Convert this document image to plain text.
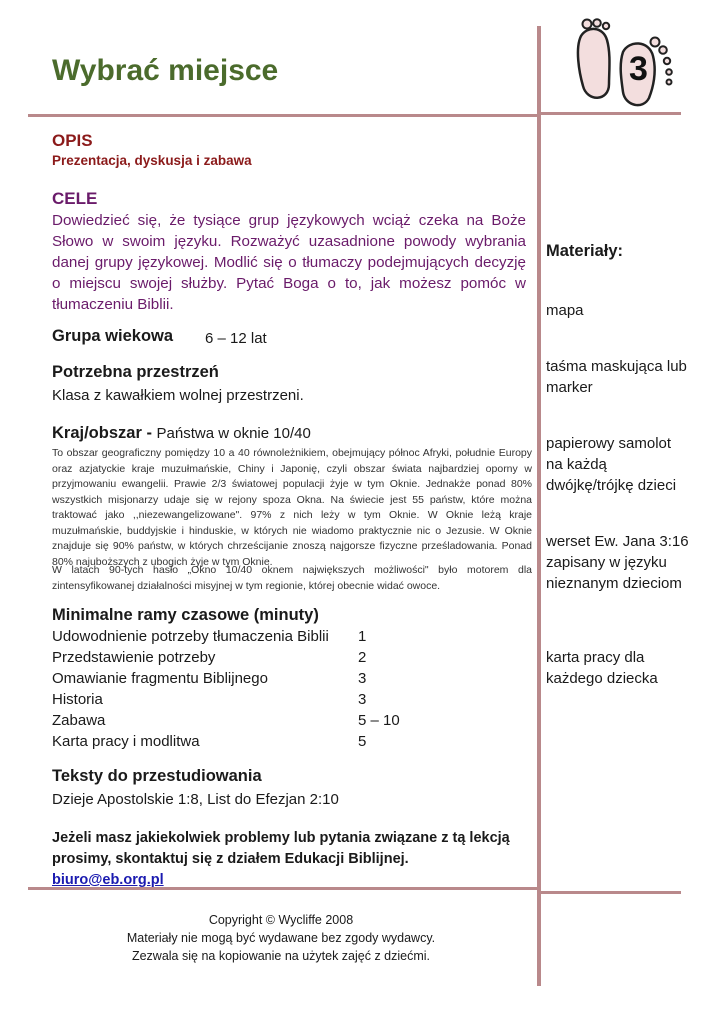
Wybrać miejsce	3
OPIS
Prezentacja, dyskusja i zabawa
CELE
Dowiedzieć się, że tysiące grup językowych wciąż czeka na Boże Słowo w swoim języku. Rozważyć uzasadnione powody wybrania danej grupy językowej. Modlić się o tłumaczy podejmujących decyzję o miejscu swojej służby. Pytać Boga o to, jak możesz pomóc w tłumaczeniu Biblii.
Grupa wiekowa 6 – 12 lat
Potrzebna przestrzeń
Klasa z kawałkiem wolnej przestrzeni.
Kraj/obszar - Państwa w oknie 10/40
To obszar geograficzny pomiędzy 10 a 40 równoleżnikiem, obejmujący północ Afryki, południe Europy oraz azjatyckie kraje muzułmańskie, Chiny i Japonię, czyli obszar świata najbardziej oporny w przyjmowaniu ewangelii. Prawie 2/3 światowej populacji żyje w tym Oknie. Jednakże ponad 80% wszystkich misjonarzy udaje się w rejony spoza Okna. Na świecie jest 55 państw, które można traktować jako ,,niezewangelizowane". 97% z nich leży w tym Oknie. W Oknie leżą kraje muzułmańskie, buddyjskie i hinduskie, w których nie wiadomo praktycznie nic o Jezusie. W Oknie znajduje się 90% państw, w których chrześcijanie znoszą najgorsze fizyczne prześladowania. Ponad 80% najuboższych z ubogich żyje w tym Oknie.
W latach 90-tych hasło „Okno 10/40 oknem największych możliwości" było motorem dla zintensyfikowanej działalności misyjnej w tym regionie, której obecnie widać owoce.
Minimalne ramy czasowe (minuty)
Udowodnienie potrzeby tłumaczenia Biblii 1
Przedstawienie potrzeby	2
Omawianie fragmentu Biblijnego	3
Historia	3
Zabawa	5 – 10
Karta pracy i modlitwa	5
Teksty do przestudiowania
Dzieje Apostolskie 1:8, List do Efezjan 2:10
Jeżeli masz jakiekolwiek problemy lub pytania związane z tą lekcją
prosimy, skontaktuj się z działem Edukacji Biblijnej.
biuro@eb.org.pl
Copyright © Wycliffe 2008
Materiały nie mogą być wydawane bez zgody wydawcy.
Zezwala się na kopiowanie na użytek zajęć z dziećmi.
Materiały:
mapa
taśma maskująca lub
marker
papierowy samolot
na każdą
dwójkę/trójkę dzieci
werset Ew. Jana 3:16
zapisany w języku
nieznanym dzieciom
karta pracy dla
każdego dziecka
